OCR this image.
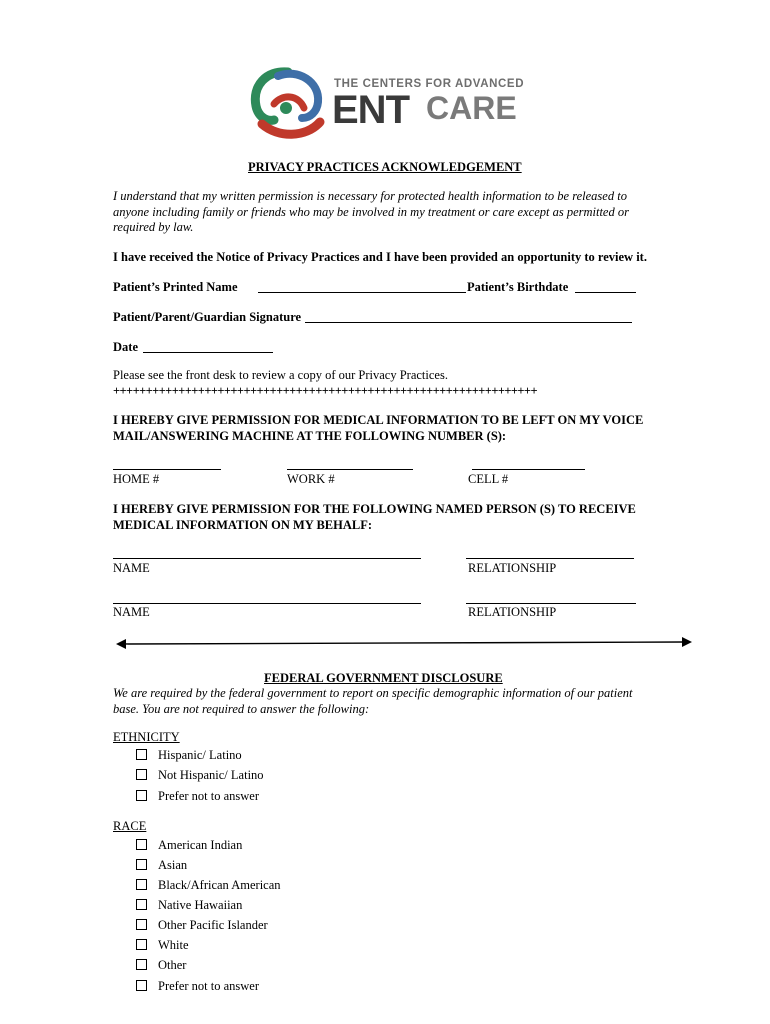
THE CENTERS FOR ADVANCED
ENT CARE
PRIVACY PRACTICES ACKNOWLEDGEMENT
I understand that my written permission is necessary for protected health information to be released to anyone including family or friends who may be involved in my treatment or care except as permitted or required by law.
I have received the Notice of Privacy Practices and I have been provided an opportunity to review it.
Patient’s Printed Name	Patient’s Birthdate
Patient/Parent/Guardian Signature
Date
Please see the front desk to review a copy of our Privacy Practices.
+++++++++++++++++++++++++++++++++++++++++++++++++++++++++++++++++
I HEREBY GIVE PERMISSION FOR MEDICAL INFORMATION TO BE LEFT ON MY VOICE
MAIL/ANSWERING MACHINE AT THE FOLLOWING NUMBER (S):
HOME #	WORK #	CELL #
I HEREBY GIVE PERMISSION FOR THE FOLLOWING NAMED PERSON (S) TO RECEIVE
MEDICAL INFORMATION ON MY BEHALF:
NAME	RELATIONSHIP
NAME	RELATIONSHIP
FEDERAL GOVERNMENT DISCLOSURE
We are required by the federal government to report on specific demographic information of our patient base. You are not required to answer the following:
ETHNICITY
Hispanic/ Latino
Not Hispanic/ Latino
Prefer not to answer
RACE
American Indian
Asian
Black/African American
Native Hawaiian
Other Pacific Islander
White
Other
Prefer not to answer
